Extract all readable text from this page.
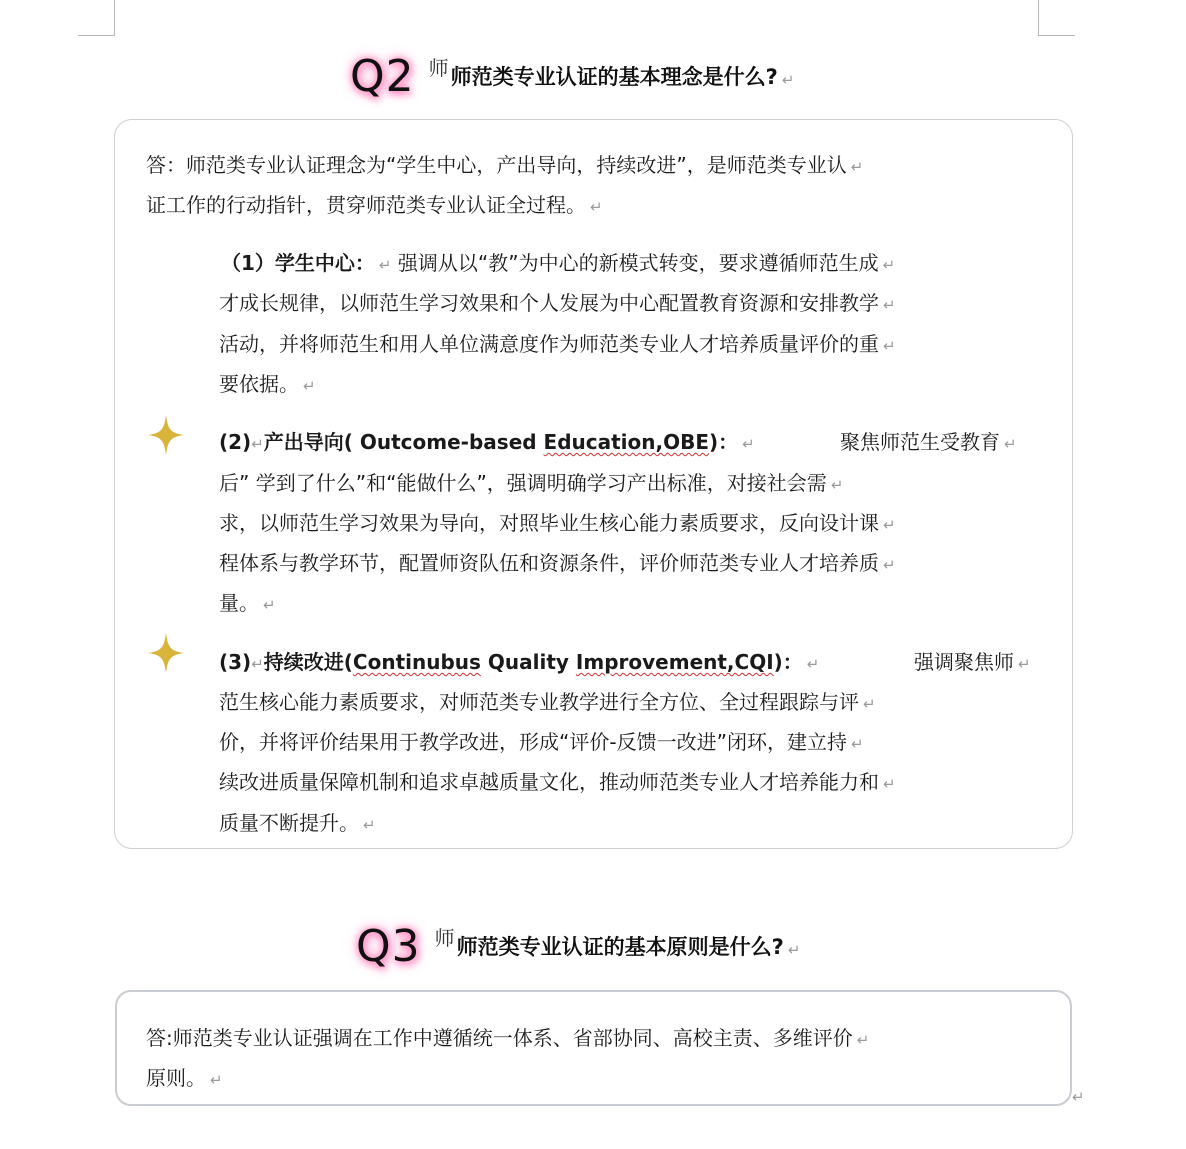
Q2 师 师范类专业认证的基本理念是什么? ↵
答：师范类专业认证理念为“学生中心，产出导向，持续改进”，是师范类专业认 ↵
证工作的行动指针，贯穿师范类专业认证全过程。 ↵
（1）学生中心： ↵ 强调从以“教”为中心的新模式转变，要求遵循师范生成 ↵
才成长规律，以师范生学习效果和个人发展为中心配置教育资源和安排教学 ↵
活动，并将师范生和用人单位满意度作为师范类专业人才培养质量评价的重 ↵
要依据。 ↵
(2)↵产出导向( Outcome-based Education,OBE)： ↵	聚焦师范生受教育 ↵
后” 学到了什么”和“能做什么”，强调明确学习产出标准，对接社会需 ↵
求，以师范生学习效果为导向，对照毕业生核心能力素质要求，反向设计课 ↵
程体系与教学环节，配置师资队伍和资源条件，评价师范类专业人才培养质 ↵
量。 ↵
(3)↵持续改进(Continubus Quality Improvement,CQI)： ↵	强调聚焦师 ↵
范生核心能力素质要求，对师范类专业教学进行全方位、全过程跟踪与评 ↵
价，并将评价结果用于教学改进，形成“评价-反馈一改进”闭环，建立持 ↵
续改进质量保障机制和追求卓越质量文化，推动师范类专业人才培养能力和 ↵
质量不断提升。 ↵
Q3 师 师范类专业认证的基本原则是什么? ↵
答:师范类专业认证强调在工作中遵循统一体系、省部协同、高校主责、多维评价 ↵
原则。 ↵
↵
